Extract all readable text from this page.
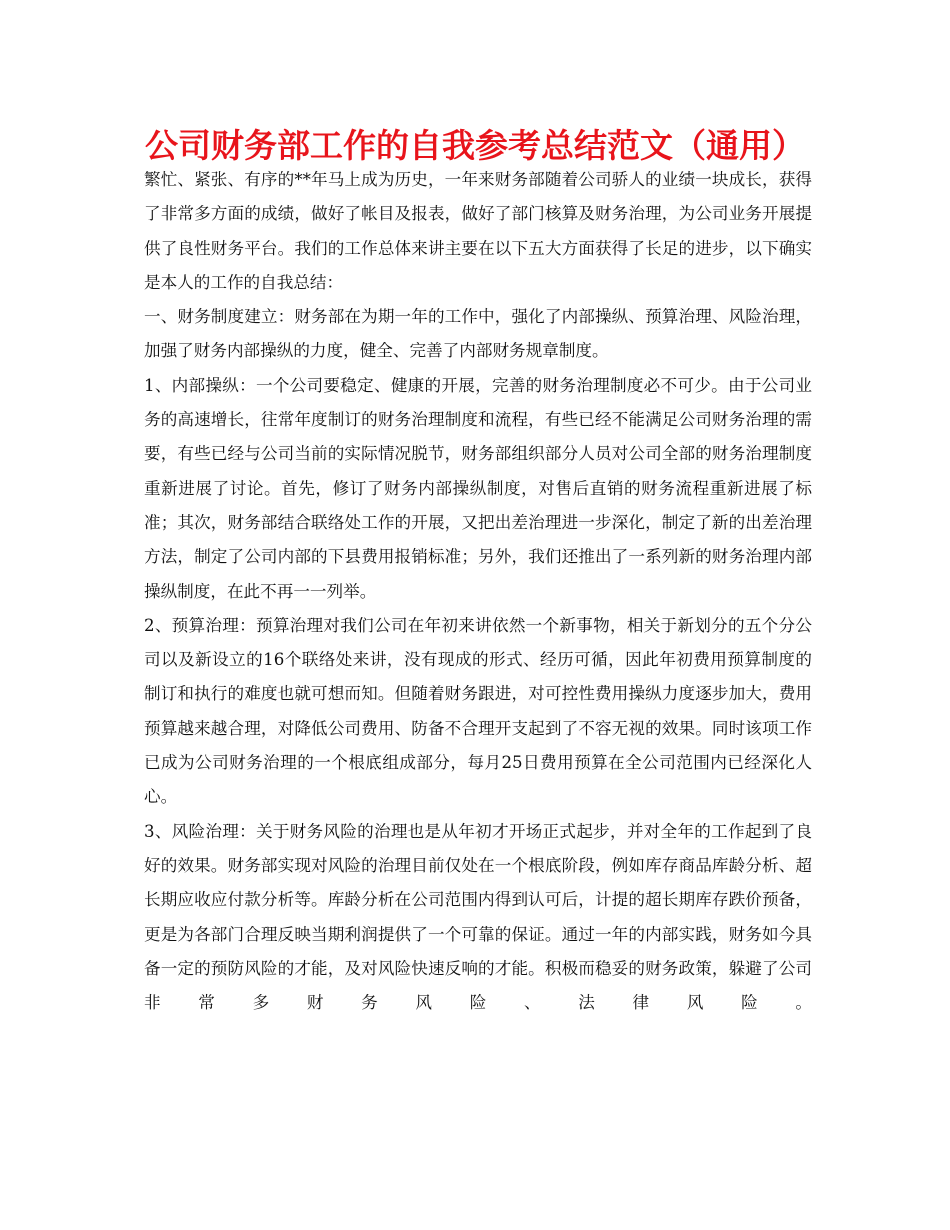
公司财务部工作的自我参考总结范文（通用）

繁忙、紧张、有序的**年马上成为历史，一年来财务部随着公司骄人的业绩一块成长，获得了非常多方面的成绩，做好了帐目及报表，做好了部门核算及财务治理，为公司业务开展提供了良性财务平台。我们的工作总体来讲主要在以下五大方面获得了长足的进步，以下确实是本人的工作的自我总结：

一、财务制度建立：财务部在为期一年的工作中，强化了内部操纵、预算治理、风险治理，加强了财务内部操纵的力度，健全、完善了内部财务规章制度。

1、内部操纵：一个公司要稳定、健康的开展，完善的财务治理制度必不可少。由于公司业务的高速增长，往常年度制订的财务治理制度和流程，有些已经不能满足公司财务治理的需要，有些已经与公司当前的实际情况脱节，财务部组织部分人员对公司全部的财务治理制度重新进展了讨论。首先，修订了财务内部操纵制度，对售后直销的财务流程重新进展了标准；其次，财务部结合联络处工作的开展，又把出差治理进一步深化，制定了新的出差治理方法，制定了公司内部的下县费用报销标准；另外，我们还推出了一系列新的财务治理内部操纵制度，在此不再一一列举。

2、预算治理：预算治理对我们公司在年初来讲依然一个新事物，相关于新划分的五个分公司以及新设立的16个联络处来讲，没有现成的形式、经历可循，因此年初费用预算制度的制订和执行的难度也就可想而知。但随着财务跟进，对可控性费用操纵力度逐步加大，费用预算越来越合理，对降低公司费用、防备不合理开支起到了不容无视的效果。同时该项工作已成为公司财务治理的一个根底组成部分，每月25日费用预算在全公司范围内已经深化人心。

3、风险治理：关于财务风险的治理也是从年初才开场正式起步，并对全年的工作起到了良好的效果。财务部实现对风险的治理目前仅处在一个根底阶段，例如库存商品库龄分析、超长期应收应付款分析等。库龄分析在公司范围内得到认可后，计提的超长期库存跌价预备，更是为各部门合理反映当期利润提供了一个可靠的保证。通过一年的内部实践，财务如今具备一定的预防风险的才能，及对风险快速反响的才能。积极而稳妥的财务政策，躲避了公司非常多财务风险、法律风险。
